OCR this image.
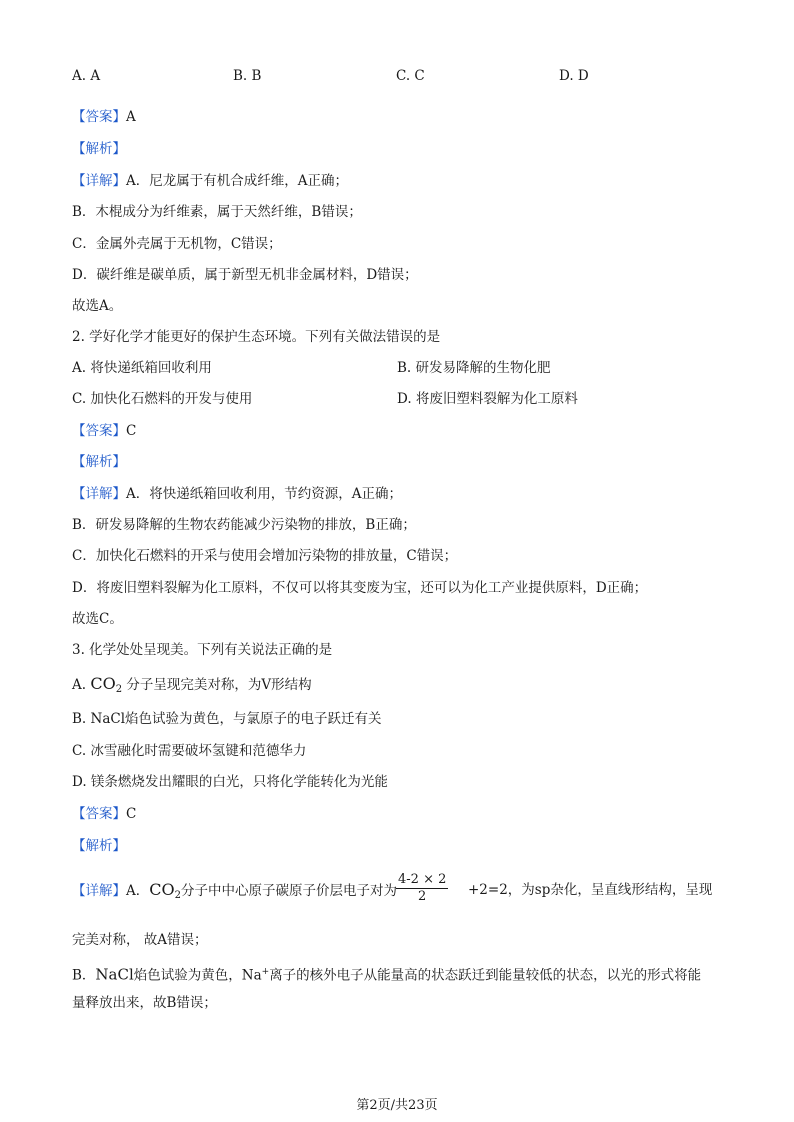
A. A	B. B	C. C	D. D
【答案】A
【解析】
【详解】A．尼龙属于有机合成纤维，A正确；
B．木棍成分为纤维素，属于天然纤维，B错误；
C．金属外壳属于无机物，C错误；
D．碳纤维是碳单质，属于新型无机非金属材料，D错误；
故选A。
2. 学好化学才能更好的保护生态环境。下列有关做法错误的是
A. 将快递纸箱回收利用	B. 研发易降解的生物化肥
C. 加快化石燃料的开发与使用	D. 将废旧塑料裂解为化工原料
【答案】C
【解析】
【详解】A．将快递纸箱回收利用，节约资源，A正确；
B．研发易降解的生物农药能减少污染物的排放，B正确；
C．加快化石燃料的开采与使用会增加污染物的排放量，C错误；
D．将废旧塑料裂解为化工原料，不仅可以将其变废为宝，还可以为化工产业提供原料，D正确；
故选C。
3. 化学处处呈现美。下列有关说法正确的是
A. $CO_2$ 分子呈现完美对称，为V形结构
B. NaCl焰色试验为黄色，与氯原子的电子跃迁有关
C. 冰雪融化时需要破坏氢键和范德华力
D. 镁条燃烧发出耀眼的白光，只将化学能转化为光能
【答案】C
【解析】
【详解】A．$CO_2$分子中中心原子碳原子价层电子对为 $\frac{4-2 \times 2}{2} +2=2$，为sp杂化，呈直线形结构，呈现
完美对称， 故A错误；
B．NaCl焰色试验为黄色，Na+离子的核外电子从能量高的状态跃迁到能量较低的状态，以光的形式将能
量释放出来，故B错误；
第2页/共23页
